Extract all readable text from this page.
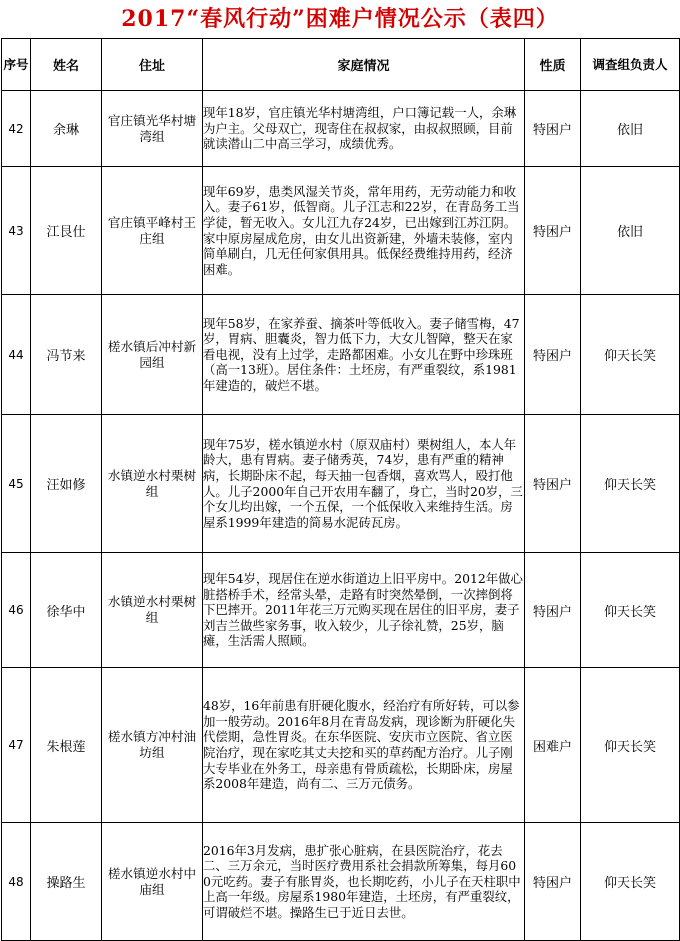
2017“春风行动”困难户情况公示（表四）
序号	姓名	住址	家庭情况	性质	调查组负责人
42	余琳	官庄镇光华村塘湾组	现年18岁，官庄镇光华村塘湾组，户口簿记载一人，余琳为户主。父母双亡，现寄住在叔叔家，由叔叔照顾，目前就读潜山二中高三学习，成绩优秀。	特困户	依旧
43	江艮仕	官庄镇平峰村王庄组	现年69岁，患类风湿关节炎，常年用药，无劳动能力和收入。妻子61岁，低智商。儿子江志和22岁，在青岛务工当学徒，暂无收入。女儿江九存24岁，已出嫁到江苏江阴。家中原房屋成危房，由女儿出资新建，外墙未装修，室内简单刷白，几无任何家俱用具。低保经费维持用药，经济困难。	特困户	依旧
44	冯节来	槎水镇后冲村新园组	现年58岁，在家养蚕、摘茶叶等低收入。妻子储雪梅，47岁，胃病、胆囊炎，智力低下力，大女儿智障，整天在家看电视，没有上过学，走路都困难。小女儿在野中珍珠班（高一13班）。居住条件：土坯房，有严重裂纹，系1981年建造的，破烂不堪。	特困户	仰天长笑
45	汪如修	水镇逆水村栗树组	现年75岁，槎水镇逆水村（原双庙村）栗树组人，本人年龄大，患有胃病。妻子储秀英，74岁，患有严重的精神病，长期卧床不起，每天抽一包香烟，喜欢骂人，殴打他人。儿子2000年自己开农用车翻了，身亡，当时20岁，三个女儿均出嫁，一个五保，一个低保收入来维持生活。房屋系1999年建造的简易水泥砖瓦房。	特困户	仰天长笑
46	徐华中	水镇逆水村栗树组	现年54岁，现居住在逆水街道边上旧平房中。2012年做心脏搭桥手术，经常头晕，走路有时突然晕倒，一次摔倒将下巴摔开。2011年花三万元购买现在居住的旧平房，妻子刘吉兰做些家务事，收入较少，儿子徐礼赞，25岁，脑瘫，生活需人照顾。	特困户	仰天长笑
47	朱根莲	槎水镇方冲村油坊组	48岁，16年前患有肝硬化腹水，经治疗有所好转，可以参加一般劳动。2016年8月在青岛发病，现诊断为肝硬化失代偿期，急性胃炎。在东华医院、安庆市立医院、省立医院治疗，现在家吃其丈夫挖和买的草药配方治疗。儿子刚大专毕业在外务工，母亲患有骨质疏松，长期卧床，房屋系2008年建造，尚有二、三万元债务。	困难户	仰天长笑
48	操路生	槎水镇逆水村中庙组	2016年3月发病，患扩张心脏病，在县医院治疗，花去二、三万余元，当时医疗费用系社会捐款所筹集，每月600元吃药。妻子有胀胃炎，也长期吃药，小儿子在天柱职中上高一年级。房屋系1980年建造，土坯房，有严重裂纹，可谓破烂不堪。操路生已于近日去世。	特困户	仰天长笑
